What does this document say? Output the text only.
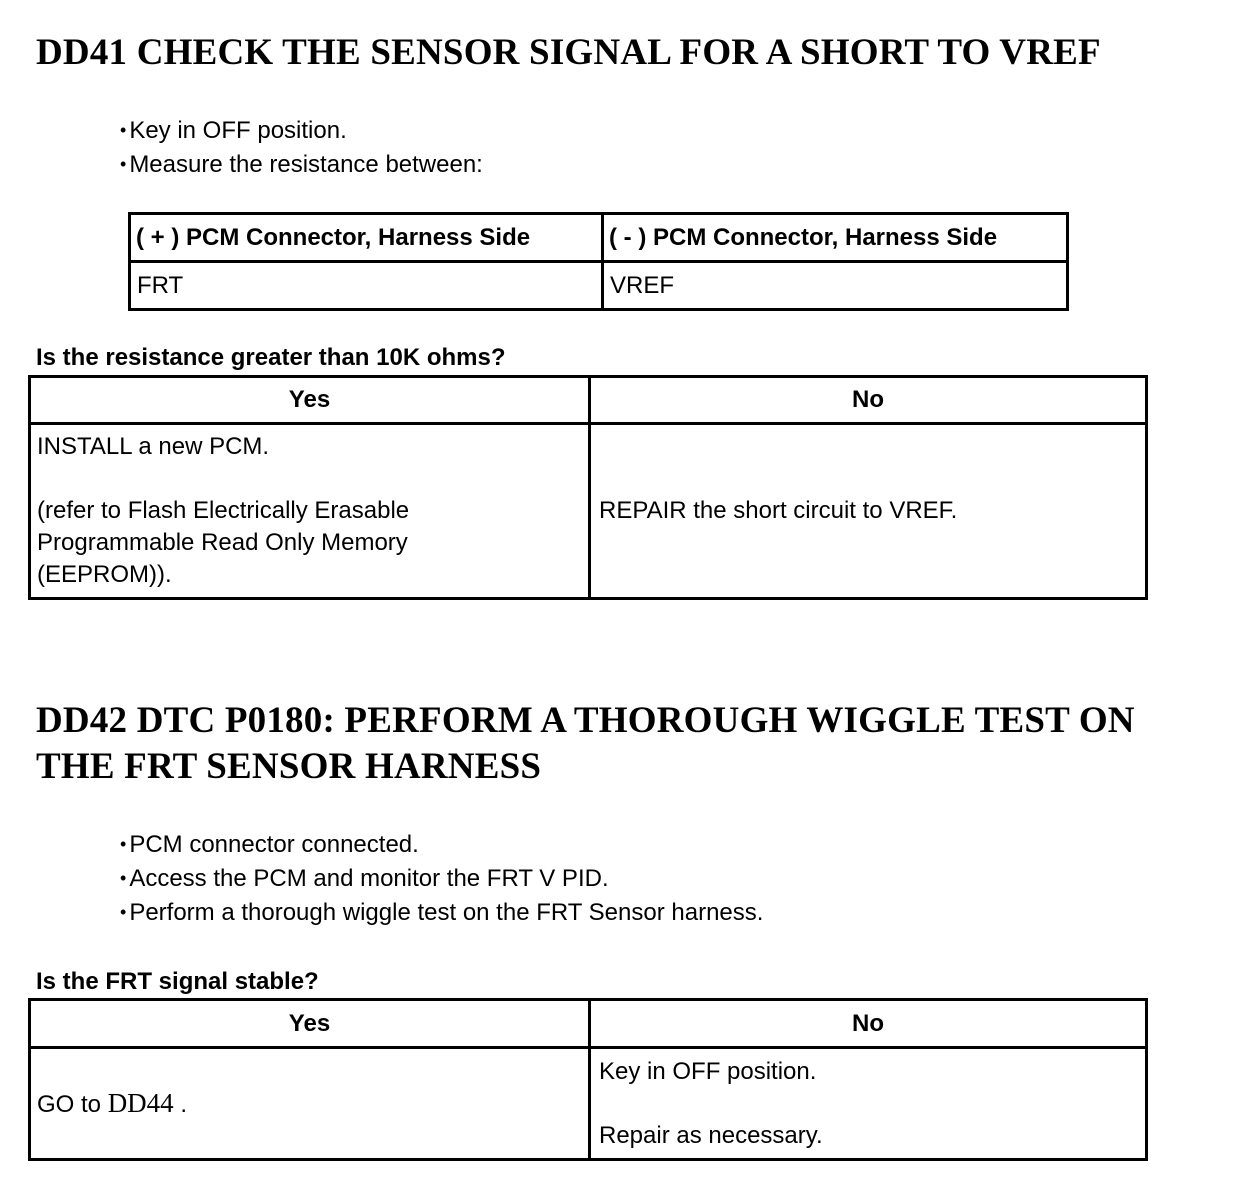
DD41 CHECK THE SENSOR SIGNAL FOR A SHORT TO VREF
• Key in OFF position.
• Measure the resistance between:
( + ) PCM Connector, Harness Side	( - ) PCM Connector, Harness Side
FRT	VREF

Is the resistance greater than 10K ohms?

Yes	No

INSTALL a new PCM.
(refer to Flash Electrically Erasable
Programmable Read Only Memory
(EEPROM)).	REPAIR the short circuit to VREF.
DD42 DTC P0180: PERFORM A THOROUGH WIGGLE TEST ON
THE FRT SENSOR HARNESS
• PCM connector connected.
• Access the PCM and monitor the FRT V PID.
• Perform a thorough wiggle test on the FRT Sensor harness.

Is the FRT signal stable?

Yes	No
GO to DD44 .	Key in OFF position.
Repair as necessary.
